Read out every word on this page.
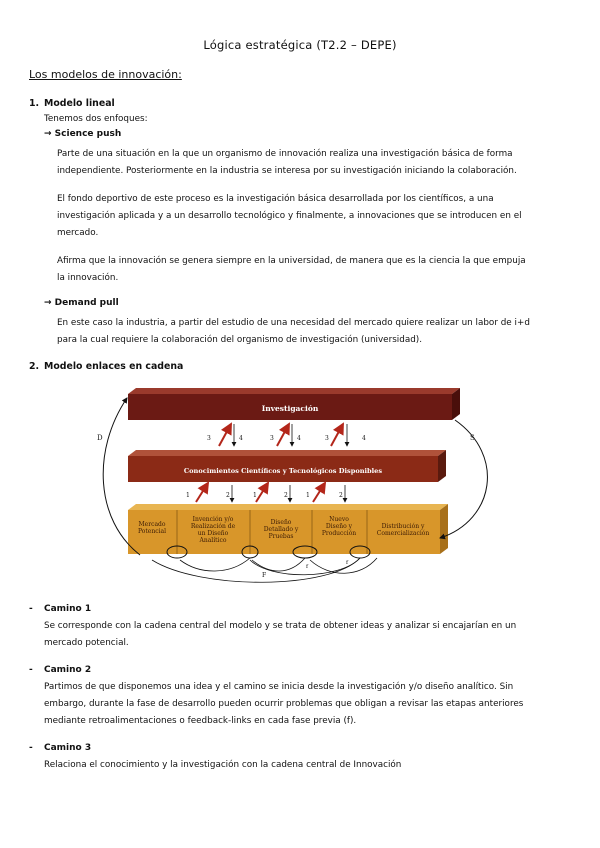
Lógica estratégica (T2.2 – DEPE)
Los modelos de innovación:
1. Modelo lineal
Tenemos dos enfoques:
→ Science push
Parte de una situación en la que un organismo de innovación realiza una investigación básica de forma
independiente. Posteriormente en la industria se interesa por su investigación iniciando la colaboración.
El fondo deportivo de este proceso es la investigación básica desarrollada por los científicos, a una
investigación aplicada y a un desarrollo tecnológico y finalmente, a innovaciones que se introducen en el
mercado.
Afirma que la innovación se genera siempre en la universidad, de manera que es la ciencia la que empuja
la innovación.
→ Demand pull
En este caso la industria, a partir del estudio de una necesidad del mercado quiere realizar un labor de i+d
para la cual requiere la colaboración del organismo de investigación (universidad).
2. Modelo enlaces en cadena
Investigación
Conocimientos Científicos y Tecnológicos Disponibles
Mercado
Potencial
Invención y/o
Realización de
un Diseño
Analítico
Diseño
Detallado y
Pruebas
Nuevo
Diseño y
Producción
Distribución y
Comercialización
3	4	3	4	3	4
1	2	1	2	1	2
D	S
F
f
f
- Camino 1
Se corresponde con la cadena central del modelo y se trata de obtener ideas y analizar si encajarían en un
mercado potencial.
- Camino 2
Partimos de que disponemos una idea y el camino se inicia desde la investigación y/o diseño analítico. Sin
embargo, durante la fase de desarrollo pueden ocurrir problemas que obligan a revisar las etapas anteriores
mediante retroalimentaciones o feedback-links en cada fase previa (f).
- Camino 3
Relaciona el conocimiento y la investigación con la cadena central de Innovación
